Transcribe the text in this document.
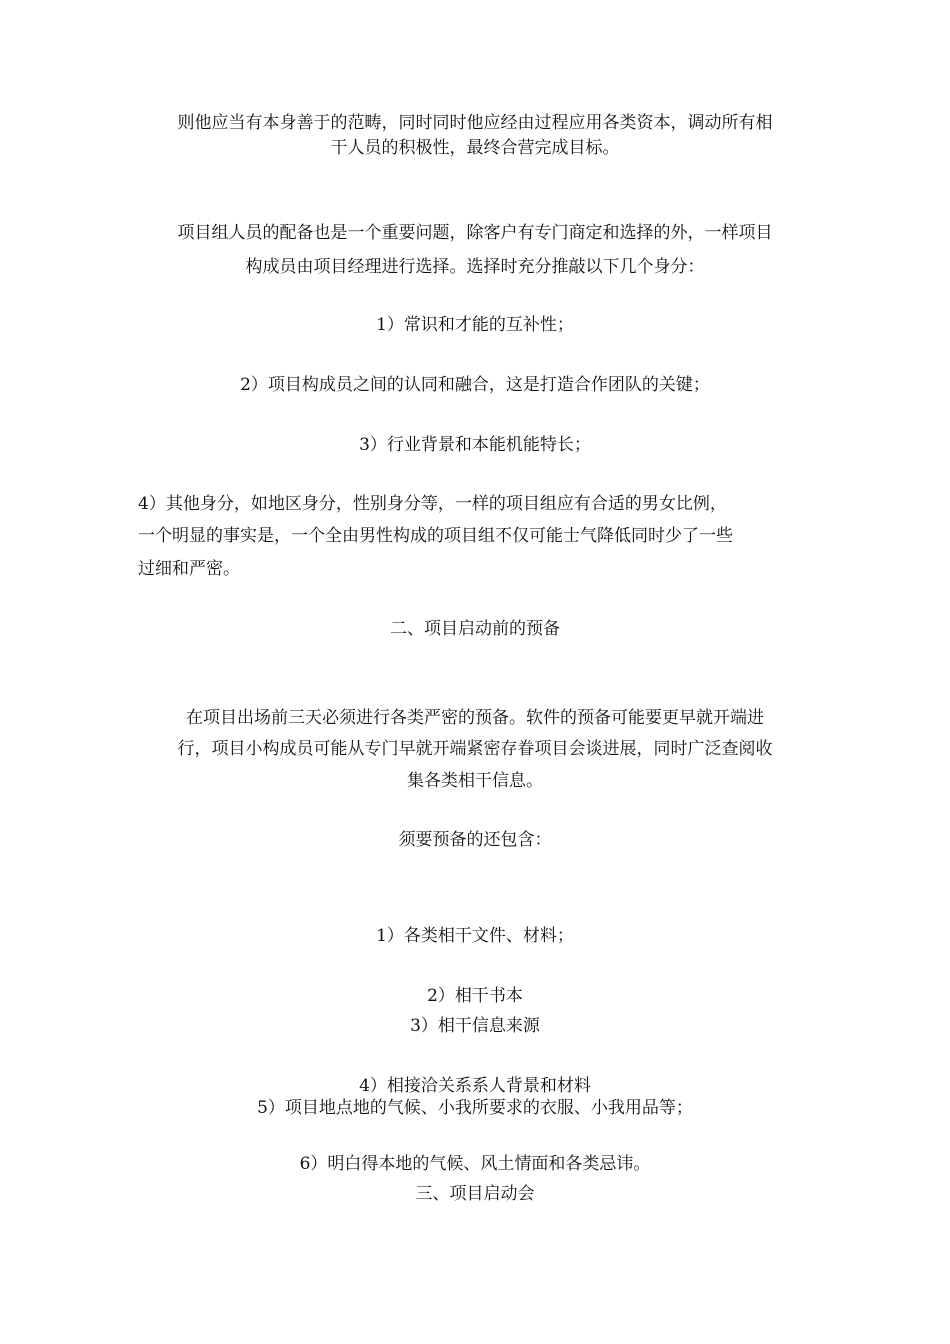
则他应当有本身善于的范畴，同时同时他应经由过程应用各类资本，调动所有相
干人员的积极性，最终合营完成目标。
项目组人员的配备也是一个重要问题，除客户有专门商定和选择的外，一样项目
构成员由项目经理进行选择。选择时充分推敲以下几个身分：
1）常识和才能的互补性；
2）项目构成员之间的认同和融合，这是打造合作团队的关键；
3）行业背景和本能机能特长；
4）其他身分，如地区身分，性别身分等，一样的项目组应有合适的男女比例，
一个明显的事实是，一个全由男性构成的项目组不仅可能士气降低同时少了一些
过细和严密。
二、项目启动前的预备
在项目出场前三天必须进行各类严密的预备。软件的预备可能要更早就开端进
行，项目小构成员可能从专门早就开端紧密存眷项目会谈进展，同时广泛查阅收
集各类相干信息。
须要预备的还包含：
1）各类相干文件、材料；
2）相干书本
3）相干信息来源
4）相接洽关系系人背景和材料
5）项目地点地的气候、小我所要求的衣服、小我用品等；
6）明白得本地的气候、风土情面和各类忌讳。
三、项目启动会
